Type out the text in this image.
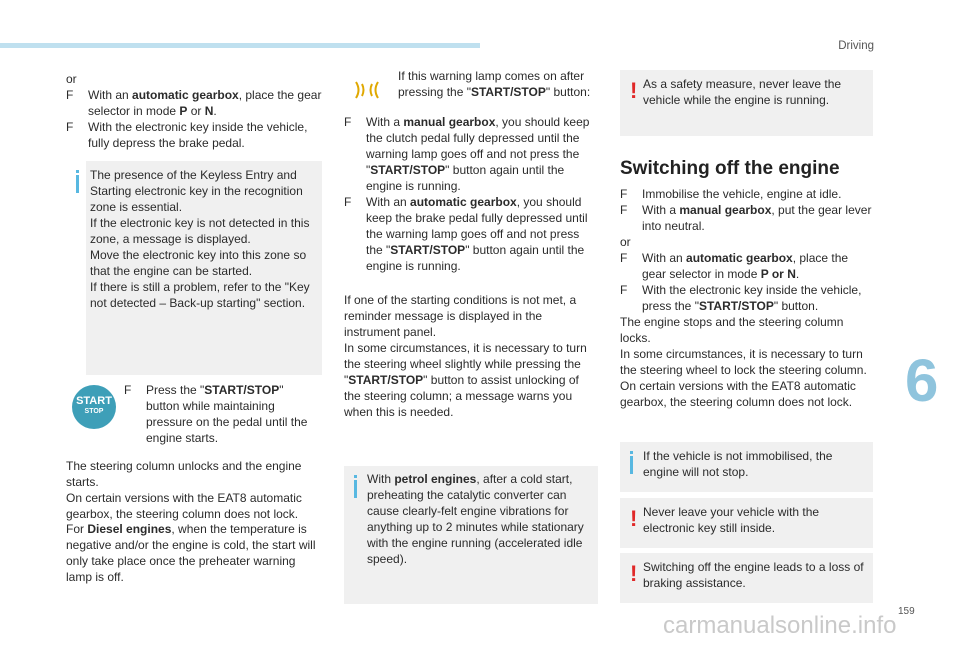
Driving
6
159
carmanualsonline.info

or

F With an automatic gearbox, place the gear selector in mode P or N.

F With the electronic key inside the vehicle, fully depress the brake pedal.

The presence of the Keyless Entry and Starting electronic key in the recognition zone is essential.

If the electronic key is not detected in this zone, a message is displayed.

Move the electronic key into this zone so that the engine can be started.

If there is still a problem, refer to the "Key not detected – Back-up starting" section.

START
STOP

F Press the "START/STOP" button while maintaining pressure on the pedal until the engine starts.

The steering column unlocks and the engine starts.

On certain versions with the EAT8 automatic gearbox, the steering column does not lock.

For Diesel engines, when the temperature is negative and/or the engine is cold, the start will only take place once the preheater warning lamp is off.

If this warning lamp comes on after pressing the "START/STOP" button:

F With a manual gearbox, you should keep the clutch pedal fully depressed until the warning lamp goes off and not press the "START/STOP" button again until the engine is running.

F With an automatic gearbox, you should keep the brake pedal fully depressed until the warning lamp goes off and not press the "START/STOP" button again until the engine is running.

If one of the starting conditions is not met, a reminder message is displayed in the instrument panel.

In some circumstances, it is necessary to turn the steering wheel slightly while pressing the "START/STOP" button to assist unlocking of the steering column; a message warns you when this is needed.

With petrol engines, after a cold start, preheating the catalytic converter can cause clearly-felt engine vibrations for anything up to 2 minutes while stationary with the engine running (accelerated idle speed).

! As a safety measure, never leave the vehicle while the engine is running.

Switching off the engine

F Immobilise the vehicle, engine at idle.

F With a manual gearbox, put the gear lever into neutral.

or

F With an automatic gearbox, place the gear selector in mode P or N.

F With the electronic key inside the vehicle, press the "START/STOP" button.

The engine stops and the steering column locks.

In some circumstances, it is necessary to turn the steering wheel to lock the steering column.

On certain versions with the EAT8 automatic gearbox, the steering column does not lock.

If the vehicle is not immobilised, the engine will not stop.

! Never leave your vehicle with the electronic key still inside.

! Switching off the engine leads to a loss of braking assistance.
